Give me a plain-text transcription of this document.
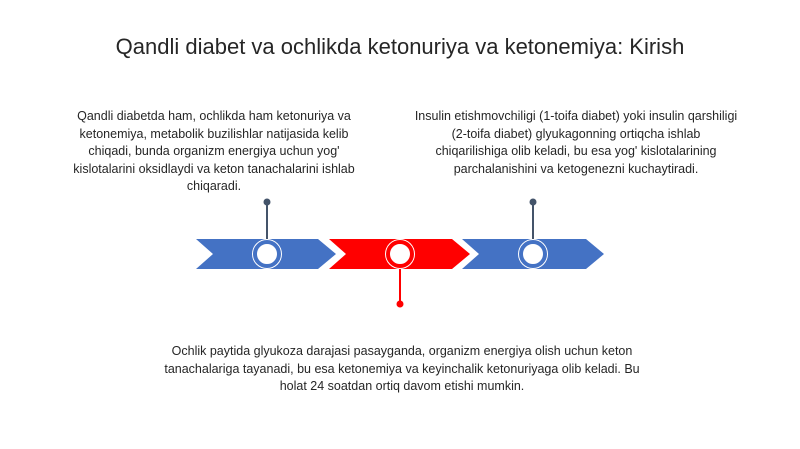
Qandli diabet va ochlikda ketonuriya va ketonemiya: Kirish
Qandli diabetda ham, ochlikda ham ketonuriya va ketonemiya, metabolik buzilishlar natijasida kelib chiqadi, bunda organizm energiya uchun yog' kislotalarini oksidlaydi va keton tanachalarini ishlab chiqaradi.
Insulin etishmovchiligi (1-toifa diabet) yoki insulin qarshiligi (2-toifa diabet) glyukagonning ortiqcha ishlab chiqarilishiga olib keladi, bu esa yog' kislotalarining parchalanishini va ketogenezni kuchaytiradi.
Ochlik paytida glyukoza darajasi pasayganda, organizm energiya olish uchun keton tanachalariga tayanadi, bu esa ketonemiya va keyinchalik ketonuriyaga olib keladi. Bu holat 24 soatdan ortiq davom etishi mumkin.
